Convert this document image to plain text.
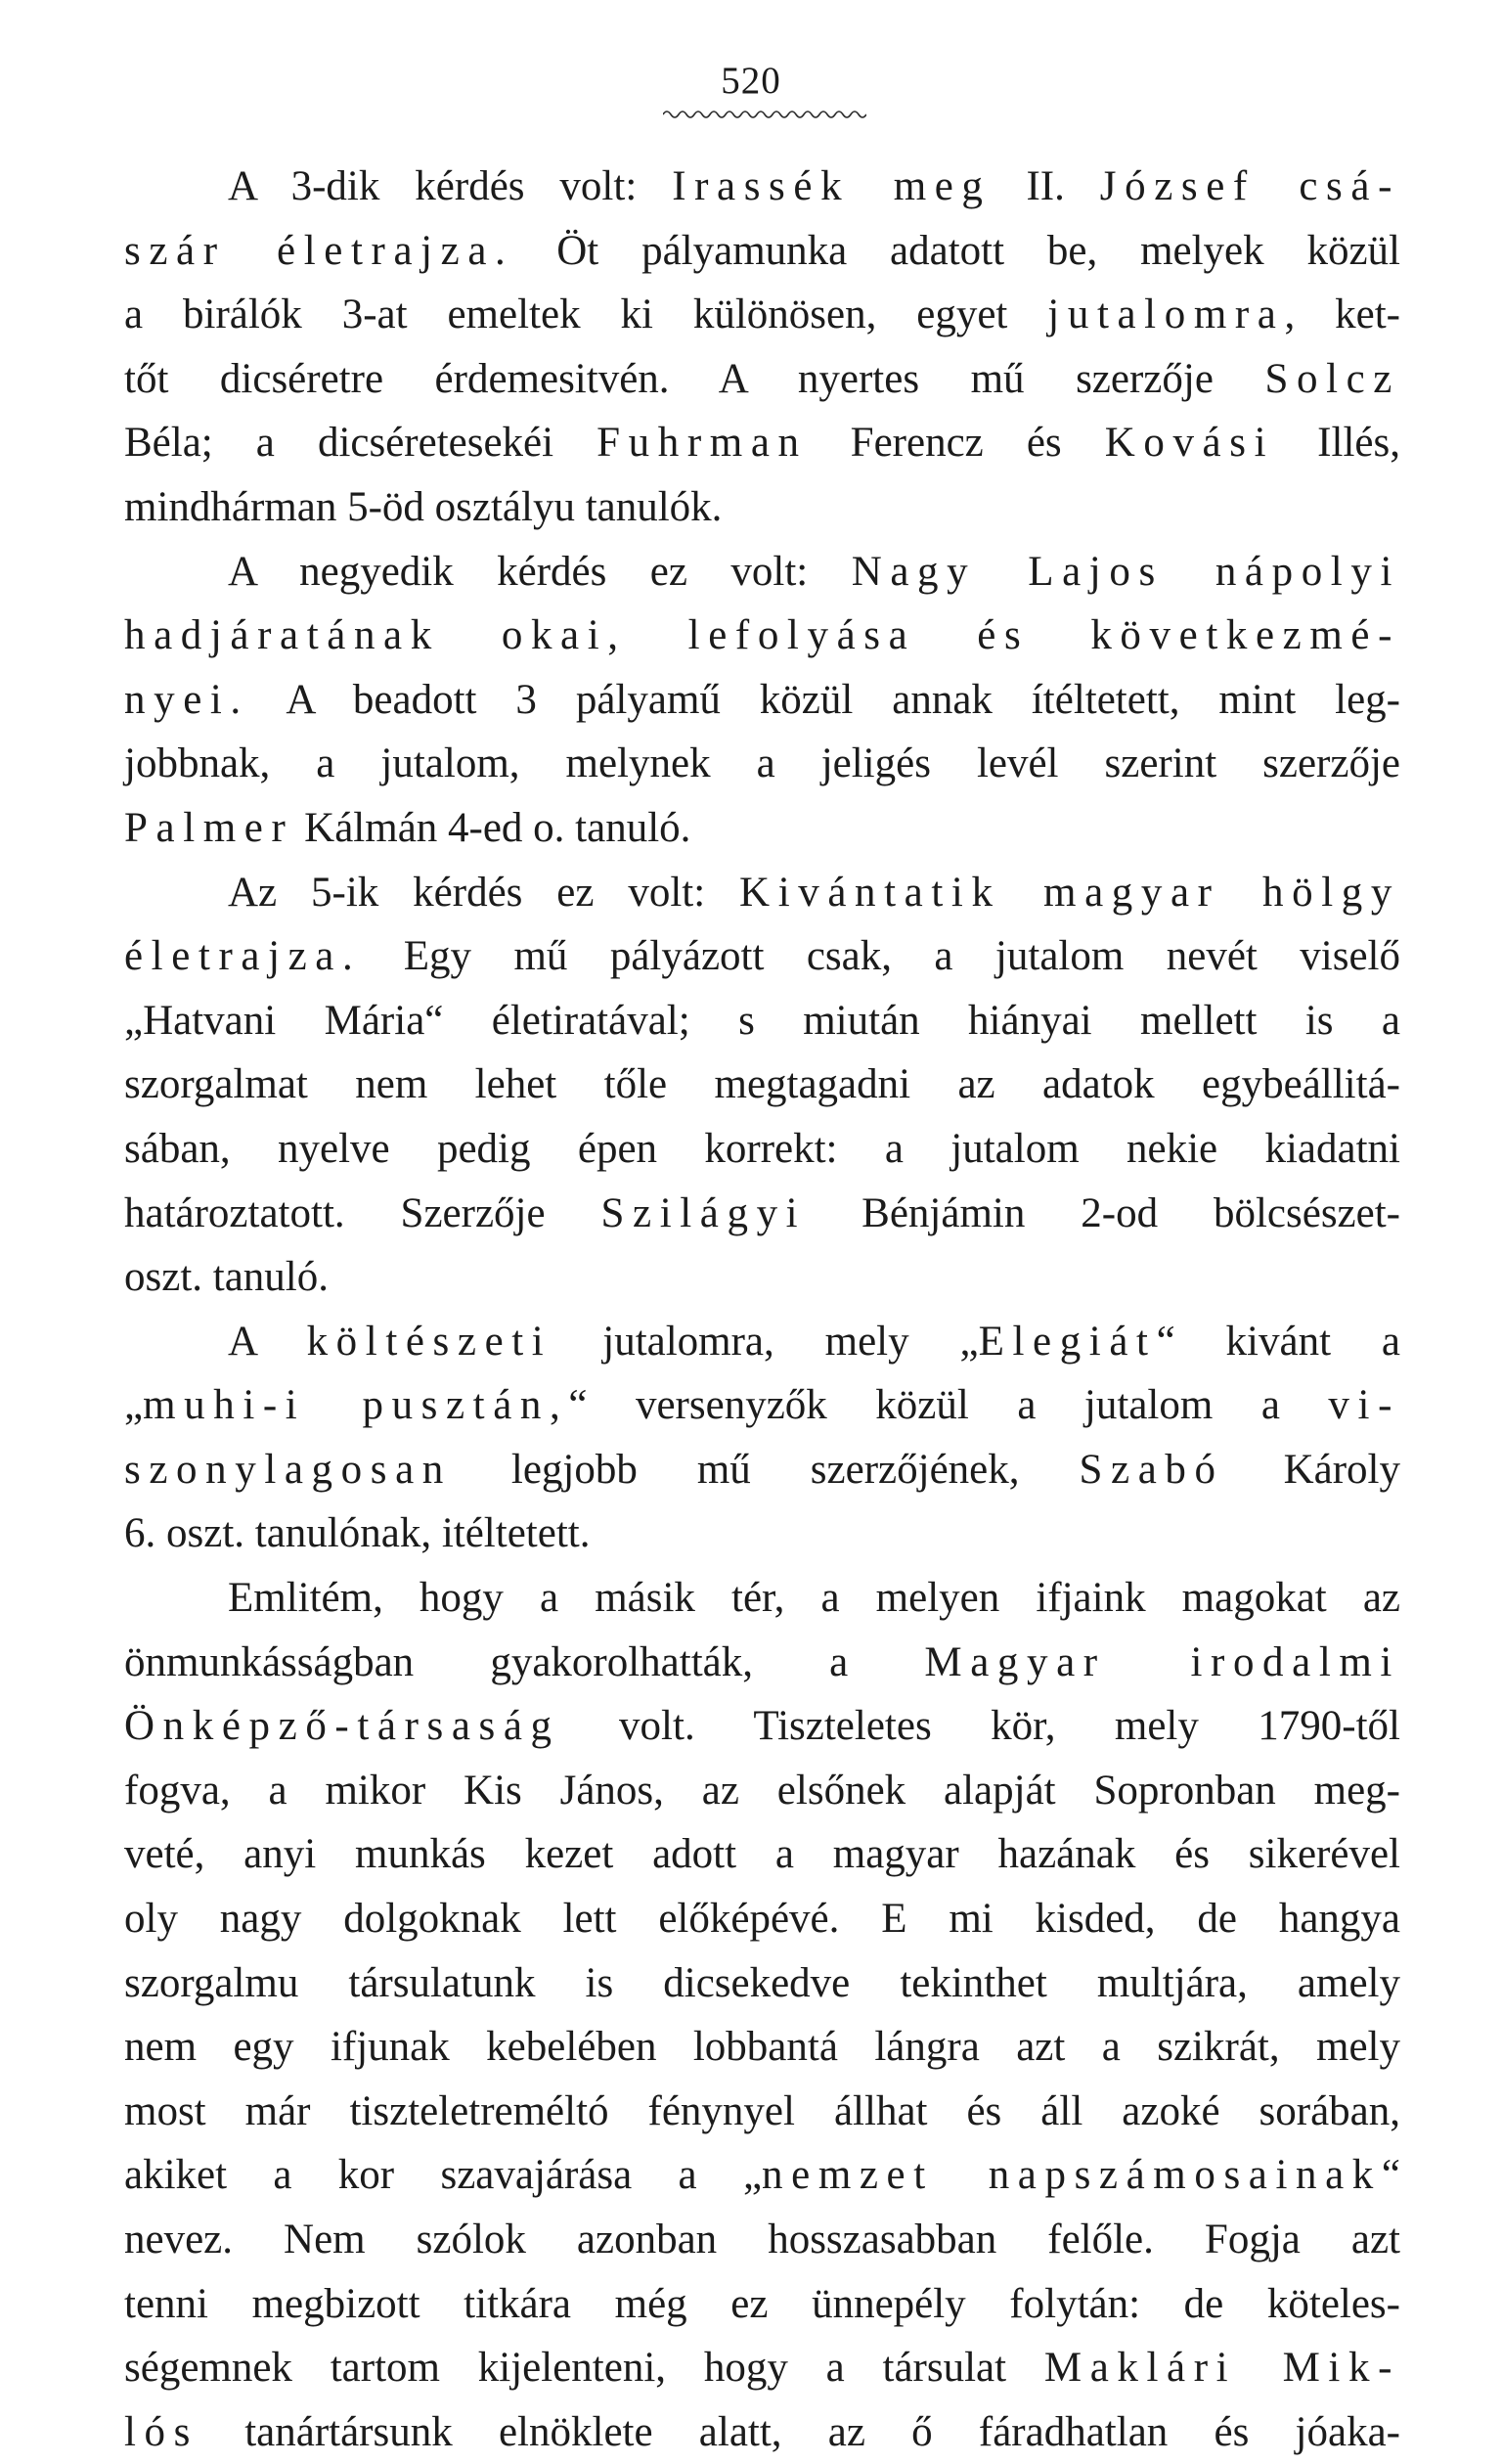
520
A 3-dik kérdés volt: Irassék meg II. József csá-
szár életrajza. Öt pályamunka adatott be, melyek közül
a birálók 3-at emeltek ki különösen, egyet jutalomra, ket-
tőt dicséretre érdemesitvén. A nyertes mű szerzője Solcz
Béla; a dicséretesekéi Fuhrman Ferencz és Kovási Illés,
mindhárman 5-öd osztályu tanulók.
A negyedik kérdés ez volt: Nagy Lajos nápolyi
hadjáratának okai, lefolyása és következmé-
nyei. A beadott 3 pályamű közül annak ítéltetett, mint leg-
jobbnak, a jutalom, melynek a jeligés levél szerint szerzője
Palmer Kálmán 4-ed o. tanuló.
Az 5-ik kérdés ez volt: Kivántatik magyar hölgy
életrajza. Egy mű pályázott csak, a jutalom nevét viselő
„Hatvani Mária“ életiratával; s miután hiányai mellett is a
szorgalmat nem lehet tőle megtagadni az adatok egybeállitá-
sában, nyelve pedig épen korrekt: a jutalom nekie kiadatni
határoztatott. Szerzője Szilágyi Bénjámin 2-od bölcsészet-
oszt. tanuló.
A költészeti jutalomra, mely „Elegiát“ kivánt a
„muhi-i pusztán,“ versenyzők közül a jutalom a vi-
szonylagosan legjobb mű szerzőjének, Szabó Károly
6. oszt. tanulónak, itéltetett.
Emlitém, hogy a másik tér, a melyen ifjaink magokat az
önmunkásságban gyakorolhatták, a Magyar irodalmi
Önképző-társaság volt. Tiszteletes kör, mely 1790-től
fogva, a mikor Kis János, az elsőnek alapját Sopronban meg-
veté, anyi munkás kezet adott a magyar hazának és sikerével
oly nagy dolgoknak lett előképévé. E mi kisded, de hangya
szorgalmu társulatunk is dicsekedve tekinthet multjára, amely
nem egy ifjunak kebelében lobbantá lángra azt a szikrát, mely
most már tiszteletreméltó fénynyel állhat és áll azoké sorában,
akiket a kor szavajárása a „nemzet napszámosainak“
nevez. Nem szólok azonban hosszasabban felőle. Fogja azt
tenni megbizott titkára még ez ünnepély folytán: de köteles-
ségemnek tartom kijelenteni, hogy a társulat Maklári Mik-
lós tanártársunk elnöklete alatt, az ő fáradhatlan és jóaka-
